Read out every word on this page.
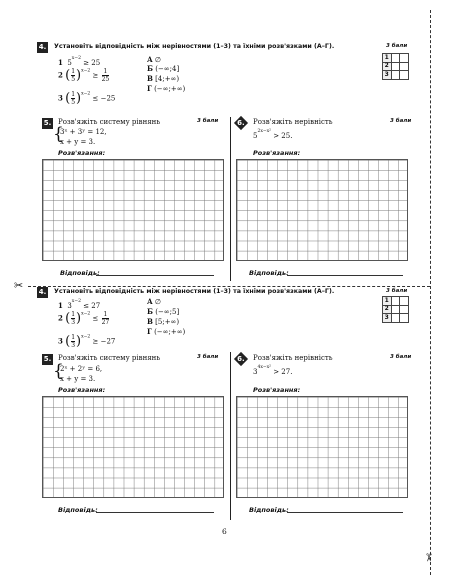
4. Установіть відповідність між нерівностями (1–3) та їхніми розв'язками (А–Г).	3 бали
1 $5^{x-2} \ge 25$
2 ( $\frac{1}{5} )^{x-2} \ge \frac{1}{25}$
3 ( $\frac{1}{5} )^{x-2} \le -25$
А ∅
Б (−∞;4]
В [4;+∞)
Г (−∞;+∞)
1		
2		
3		
5. Розв'яжіть систему рівнянь	3 бали
{
3ˣ + 3ʸ = 12,
x + y = 3.
Розв'язання:
Відповідь:
6.	Розв'яжіть нерівність	3 бали
$5^{2x-x^2} > 25$.
Розв'язання:
Відповідь:
✂
✂
4. Установіть відповідність між нерівностями (1–3) та їхніми розв'язками (А–Г).	3 бали
1 $3^{x-2} \le 27$
2 ( $\frac{1}{3} )^{x-2} \le \frac{1}{27}$
3 ( $\frac{1}{3} )^{x-2} \ge -27$
А ∅
Б (−∞;5]
В [5;+∞)
Г (−∞;+∞)
1		
2		
3		
5. Розв'яжіть систему рівнянь	3 бали
{
2ˣ + 2ʸ = 6,
x + y = 3.
Розв'язання:
Відповідь:
6.	Розв'яжіть нерівність	3 бали
$3^{4x-x^2} > 27$.
Розв'язання:
Відповідь:
6
